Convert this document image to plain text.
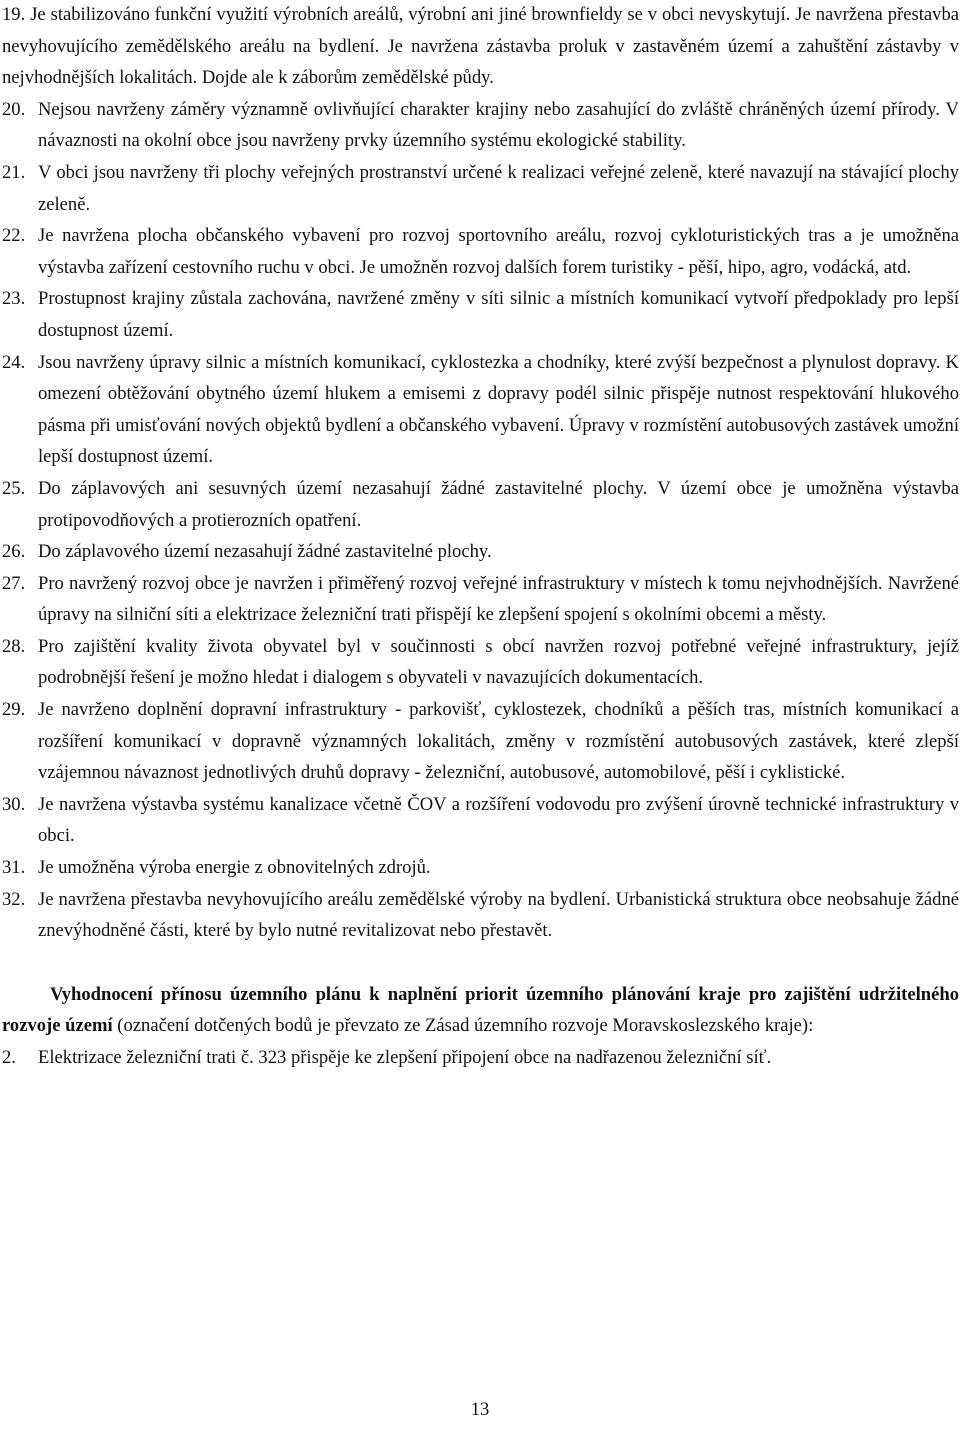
19. Je stabilizováno funkční využití výrobních areálů, výrobní ani jiné brownfieldy se v obci nevyskytují. Je navržena přestavba nevyhovujícího zemědělského areálu na bydlení. Je navržena zástavba proluk v zastavěném území a zahuštění zástavby v nejvhodnějších lokalitách. Dojde ale k záborům zemědělské půdy.
20. Nejsou navrženy záměry významně ovlivňující charakter krajiny nebo zasahující do zvláště chráněných území přírody. V návaznosti na okolní obce jsou navrženy prvky územního systému ekologické stability.
21. V obci jsou navrženy tři plochy veřejných prostranství určené k realizaci veřejné zeleně, které navazují na stávající plochy zeleně.
22. Je navržena plocha občanského vybavení pro rozvoj sportovního areálu, rozvoj cykloturistických tras a je umožněna výstavba zařízení cestovního ruchu v obci. Je umožněn rozvoj dalších forem turistiky - pěší, hipo, agro, vodácká, atd.
23. Prostupnost krajiny zůstala zachována, navržené změny v síti silnic a místních komunikací vytvoří předpoklady pro lepší dostupnost území.
24. Jsou navrženy úpravy silnic a místních komunikací, cyklostezka a chodníky, které zvýší bezpečnost a plynulost dopravy. K omezení obtěžování obytného území hlukem a emisemi z dopravy podél silnic přispěje nutnost respektování hlukového pásma při umisťování nových objektů bydlení a občanského vybavení. Úpravy v rozmístění autobusových zastávek umožní lepší dostupnost území.
25. Do záplavových ani sesuvných území nezasahují žádné zastavitelné plochy. V území obce je umožněna výstavba protipovodňových a protierozních opatření.
26. Do záplavového území nezasahují žádné zastavitelné plochy.
27. Pro navržený rozvoj obce je navržen i přiměřený rozvoj veřejné infrastruktury v místech k tomu nejvhodnějších. Navržené úpravy na silniční síti a elektrizace železniční trati přispějí ke zlepšení spojení s okolními obcemi a městy.
28. Pro zajištění kvality života obyvatel byl v součinnosti s obcí navržen rozvoj potřebné veřejné infrastruktury, jejíž podrobnější řešení je možno hledat i dialogem s obyvateli v navazujících dokumentacích.
29. Je navrženo doplnění dopravní infrastruktury - parkovišť, cyklostezek, chodníků a pěších tras, místních komunikací a rozšíření komunikací v dopravně významných lokalitách, změny v rozmístění autobusových zastávek, které zlepší vzájemnou návaznost jednotlivých druhů dopravy - železniční, autobusové, automobilové, pěší i cyklistické.
30. Je navržena výstavba systému kanalizace včetně ČOV a rozšíření vodovodu pro zvýšení úrovně technické infrastruktury v obci.
31. Je umožněna výroba energie z obnovitelných zdrojů.
32. Je navržena přestavba nevyhovujícího areálu zemědělské výroby na bydlení. Urbanistická struktura obce neobsahuje žádné znevýhodněné části, které by bylo nutné revitalizovat nebo přestavět.
Vyhodnocení přínosu územního plánu k naplnění priorit územního plánování kraje pro zajištění udržitelného rozvoje území (označení dotčených bodů je převzato ze Zásad územního rozvoje Moravskoslezského kraje):
2.	Elektrizace železniční trati č. 323 přispěje ke zlepšení připojení obce na nadřazenou železniční síť.
13
